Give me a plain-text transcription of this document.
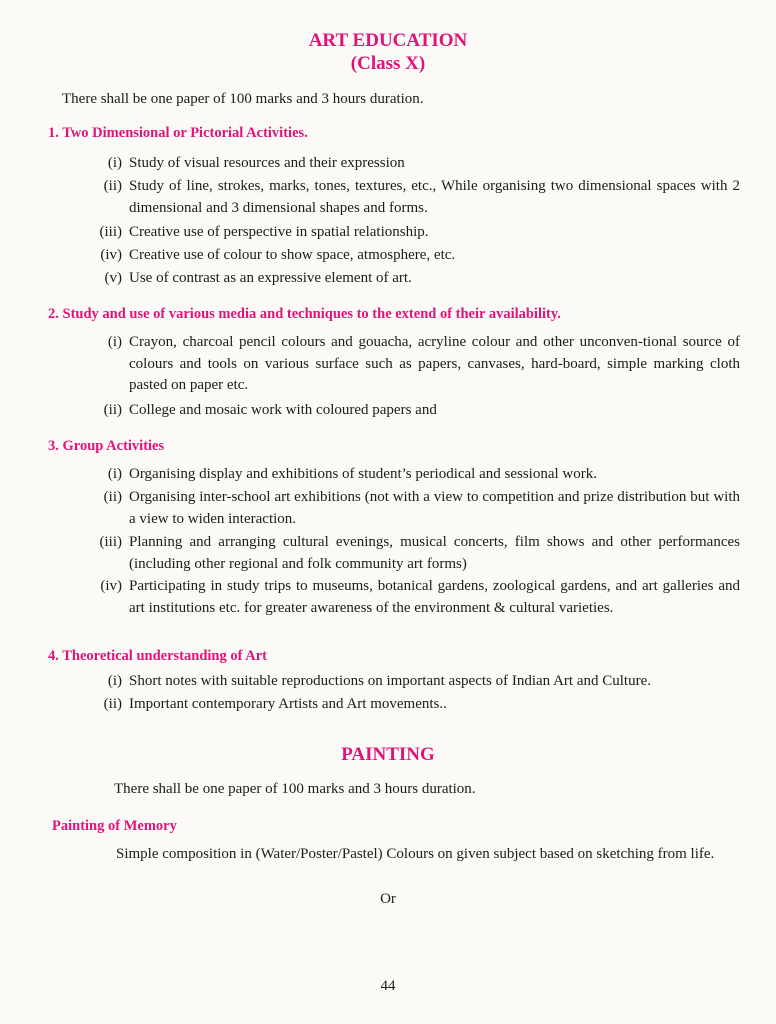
ART EDUCATION
(Class X)
There shall be one paper of 100 marks and 3 hours duration.
1. Two Dimensional or Pictorial Activities.
(i) Study of visual resources and their expression
(ii) Study of line, strokes, marks, tones, textures, etc., While organising two dimensional spaces with 2 dimensional and 3 dimensional shapes and forms.
(iii) Creative use of perspective in spatial relationship.
(iv) Creative use of colour to show space, atmosphere, etc.
(v) Use of contrast as an expressive element of art.
2. Study and use of various media and techniques to the extend of their availability.
(i) Crayon, charcoal pencil colours and gouacha, acryline colour and other unconven-tional source of colours and tools on various surface such as papers, canvases, hard-board, simple marking cloth pasted on paper etc.
(ii) College and mosaic work with coloured papers and
3. Group Activities
(i) Organising display and exhibitions of student’s periodical and sessional work.
(ii) Organising inter-school art exhibitions (not with a view to competition and prize distribution but with a view to widen interaction.
(iii) Planning and arranging cultural evenings, musical concerts, film shows and other performances (including other regional and folk community art forms)
(iv) Participating in study trips to museums, botanical gardens, zoological gardens, and art galleries and art institutions etc. for greater awareness of the environment & cultural varieties.
4. Theoretical understanding of Art
(i) Short notes with suitable reproductions on important aspects of Indian Art and Culture.
(ii) Important contemporary Artists and Art movements..
PAINTING
There shall be one paper of 100 marks and 3 hours duration.
Painting of Memory
Simple composition in (Water/Poster/Pastel) Colours on given subject based on sketching from life.
Or
44
